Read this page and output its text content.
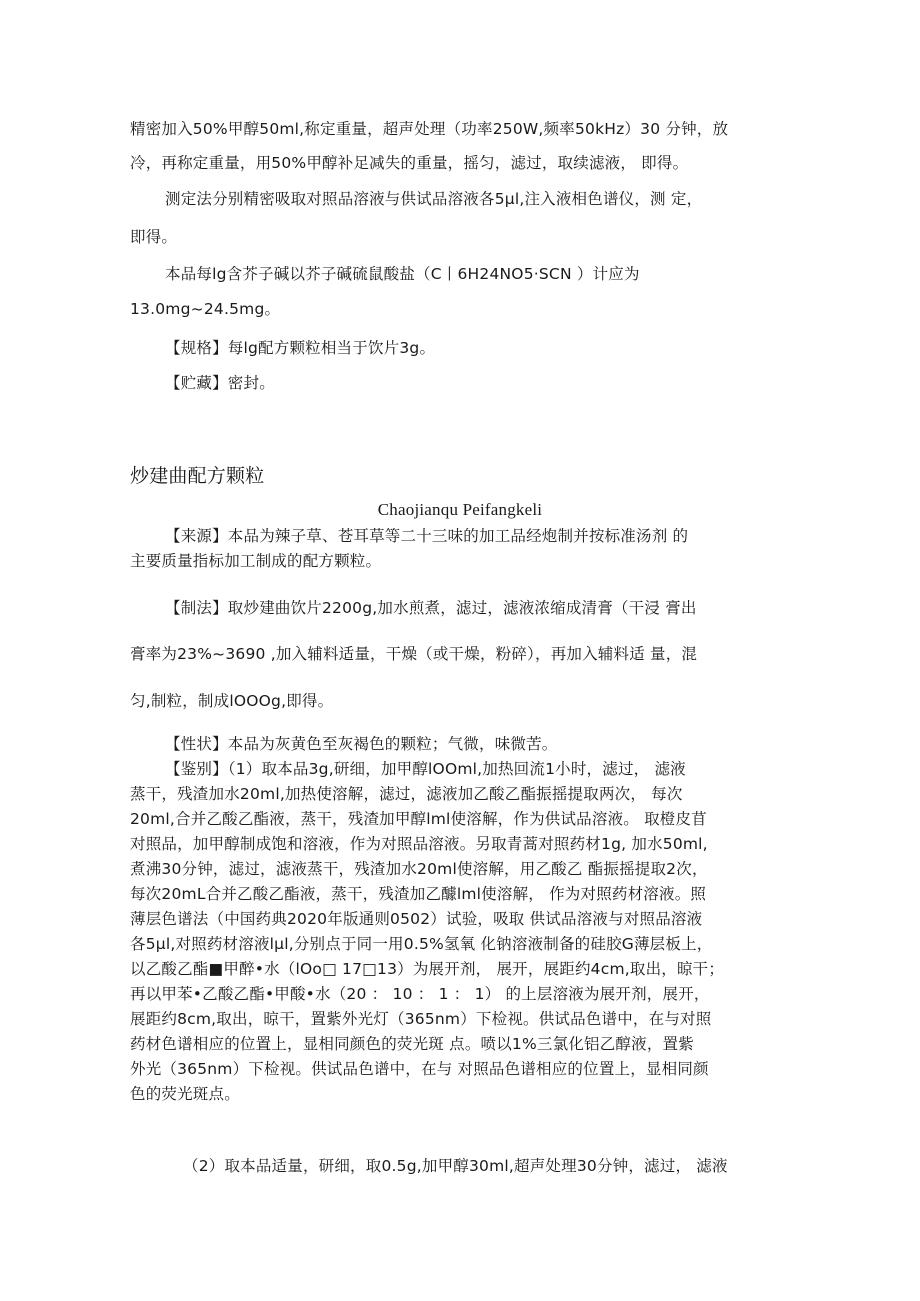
精密加入50%甲醇50ml,称定重量，超声处理（功率250W,频率50kHz）30 分钟，放
冷，再称定重量，用50%甲醇补足减失的重量，摇匀，滤过，取续滤液， 即得。
测定法分别精密吸取对照品溶液与供试品溶液各5μl,注入液相色谱仪，测 定，
即得。
本品每lg含芥子碱以芥子碱硫鼠酸盐（C丨6H24NO5·SCN ）计应为
13.0mg~24.5mg。
【规格】每lg配方颗粒相当于饮片3g。
【贮藏】密封。
炒建曲配方颗粒
Chaojianqu Peifangkeli
【来源】本品为辣子草、苍耳草等二十三味的加工品经炮制并按标准汤剂 的
主要质量指标加工制成的配方颗粒。
【制法】取炒建曲饮片2200g,加水煎煮，滤过，滤液浓缩成清膏（干浸 膏出
膏率为23%~3690 ,加入辅料适量，干燥（或干燥，粉碎），再加入辅料适 量，混
匀,制粒，制成lOOOg,即得。
【性状】本品为灰黄色至灰褐色的颗粒；气微，味微苦。
【鉴别】（1）取本品3g,研细，加甲醇lOOml,加热回流1小时，滤过， 滤液
蒸干，残渣加水20ml,加热使溶解，滤过，滤液加乙酸乙酯振摇提取两次， 每次
20ml,合并乙酸乙酯液，蒸干，残渣加甲醇lml使溶解，作为供试品溶液。 取橙皮苜
对照品，加甲醇制成饱和溶液，作为对照品溶液。另取青蒿对照药材1g, 加水50ml,
煮沸30分钟，滤过，滤液蒸干，残渣加水20ml使溶解，用乙酸乙 酯振摇提取2次，
每次20mL合并乙酸乙酯液，蒸干，残渣加乙醵lml使溶解， 作为对照药材溶液。照
薄层色谱法（中国药典2020年版通则0502）试验，吸取 供试品溶液与对照品溶液
各5μl,对照药材溶液lμl,分别点于同一用0.5%氢氧 化钠溶液制备的硅胶G薄层板上，
以乙酸乙酯■甲醉•水（lOo□ 17□13）为展开剂， 展开，展距约4cm,取出，晾干；
再以甲苯•乙酸乙酯•甲酸•水（20 ： 10 ： 1 ： 1） 的上层溶液为展开剂，展开，
展距约8cm,取出，晾干，置紫外光灯（365nm）下检视。供试品色谱中，在与对照
药材色谱相应的位置上，显相同颜色的荧光斑 点。喷以1%三氯化铝乙醇液，置紫
外光（365nm）下检视。供试品色谱中，在与 对照品色谱相应的位置上，显相同颜
色的荧光斑点。
（2）取本品适量，研细，取0.5g,加甲醇30ml,超声处理30分钟，滤过， 滤液
